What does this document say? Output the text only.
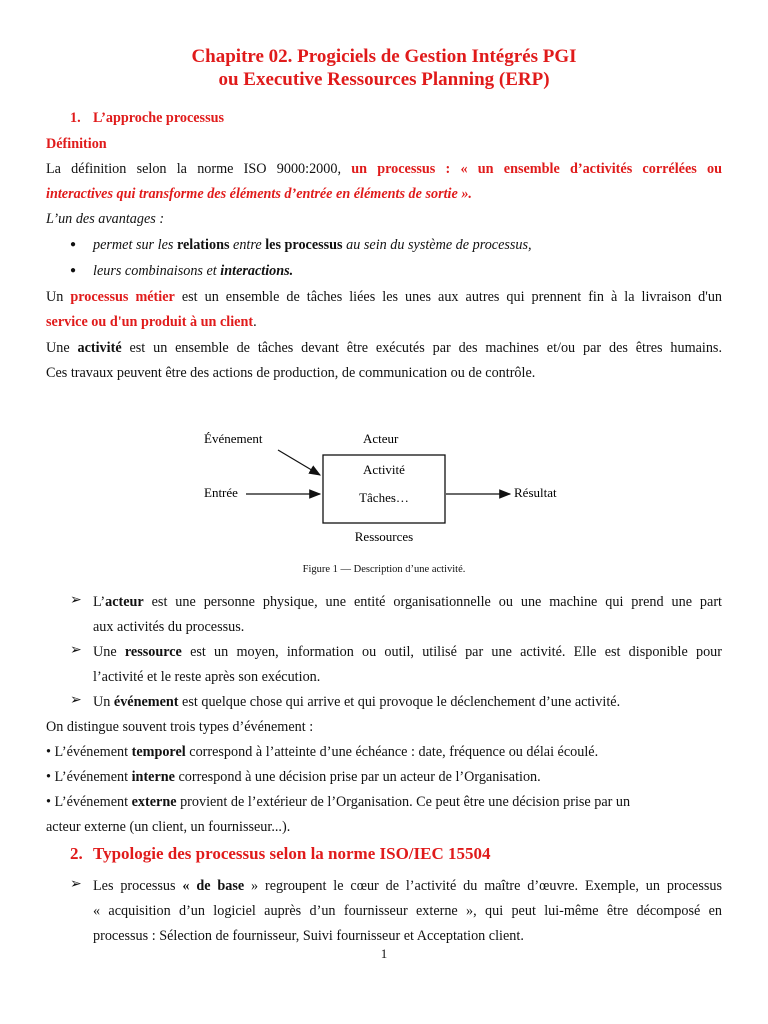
Chapitre 02. Progiciels de Gestion Intégrés PGI
ou Executive Ressources Planning (ERP)
1. L’approche processus
Définition
La définition selon la norme ISO 9000:2000, un processus : « un ensemble d’activités corrélées ou
interactives qui transforme des éléments d’entrée en éléments de sortie ».
L’un des avantages :
● permet sur les relations entre les processus au sein du système de processus,
● leurs combinaisons et interactions.
Un processus métier est un ensemble de tâches liées les unes aux autres qui prennent fin à la livraison d'un
service ou d'un produit à un client.
Une activité est un ensemble de tâches devant être exécutés par des machines et/ou par des êtres humains.
Ces travaux peuvent être des actions de production, de communication ou de contrôle.
Événement	Acteur
Activité
Tâches…
Entrée	Résultat
Ressources
Figure 1 — Description d’une activité.
➢ L’acteur est une personne physique, une entité organisationnelle ou une machine qui prend une part
aux activités du processus.
➢ Une ressource est un moyen, information ou outil, utilisé par une activité. Elle est disponible pour
l’activité et le reste après son exécution.
➢ Un événement est quelque chose qui arrive et qui provoque le déclenchement d’une activité.
On distingue souvent trois types d’événement :
• L’événement temporel correspond à l’atteinte d’une échéance : date, fréquence ou délai écoulé.
• L’événement interne correspond à une décision prise par un acteur de l’Organisation.
• L’événement externe provient de l’extérieur de l’Organisation. Ce peut être une décision prise par un
acteur externe (un client, un fournisseur...).
2. Typologie des processus selon la norme ISO/IEC 15504
➢ Les processus « de base » regroupent le cœur de l’activité du maître d’œuvre. Exemple, un processus
« acquisition d’un logiciel auprès d’un fournisseur externe », qui peut lui-même être décomposé en
processus : Sélection de fournisseur, Suivi fournisseur et Acceptation client.
1
